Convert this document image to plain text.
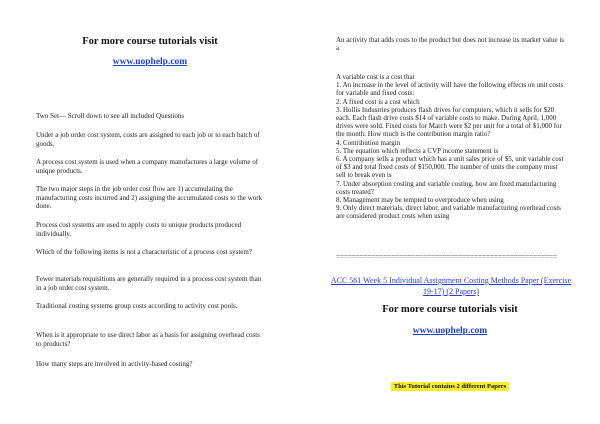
For more course tutorials visit
www.uophelp.com

Two Set— Scroll down to see all included Questions

Under a job order cost system, costs are assigned to each job or to each batch of goods.

A process cost system is used when a company manufactures a large volume of unique products.

The two major steps in the job order cost flow are 1) accumulating the manufacturing costs incurred and 2) assigning the accumulated costs to the work done.

Process cost systems are used to apply costs to unique products produced individually.

Which of the following items is not a characteristic of a process cost system?

Fewer materials requisitions are generally required in a process cost system than in a job order cost system.

Traditional costing systems group costs according to activity cost pools.

When is it appropriate to use direct labor as a basis for assigning overhead costs to products?

How many steps are involved in activity-based costing?

An activity that adds costs to the product but does not increase its market value is a

A variable cost is a cost that
1. An increase in the level of activity will have the following effects on unit costs for variable and fixed costs:
2. A fixed cost is a cost which
3. Hollis Industries produces flash drives for computers, which it sells for $20 each. Each flash drive costs $14 of variable costs to make. During April, 1,000 drives were sold. Fixed costs for March were $2 per unit for a total of $1,000 for the month. How much is the contribution margin ratio?
4. Contribution margin
5. The equation which reflects a CVP income statement is
6. A company sells a product which has a unit sales price of $5, unit variable cost of $3 and total fixed costs of $150,000. The number of units the company must sell to break even is
7. Under absorption costing and variable costing, how are fixed manufacturing costs treated?
8. Management may be tempted to overproduce when using
9. Only direct materials, direct labor, and variable manufacturing overhead costs are considered product costs when using
========================================================
ACC 561 Week 5 Individual Assignment Costing Methods Paper (Exercise 19-17) (2 Papers)
For more course tutorials visit
www.uophelp.com
This Tutorial contains 2 different Papers
